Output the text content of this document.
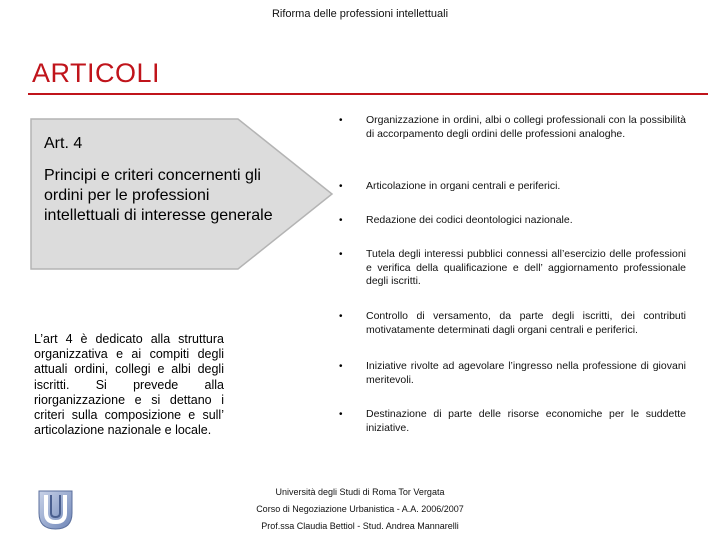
Riforma delle professioni intellettuali
ARTICOLI
Art. 4
Principi e criteri concernenti gli ordini per le professioni intellettuali di interesse generale
L’art 4 è dedicato alla struttura organizzativa e ai compiti degli attuali ordini, collegi e albi degli iscritti. Si prevede alla riorganizzazione e si dettano i criteri sulla composizione e sull’ articolazione nazionale e locale.
• Organizzazione in ordini, albi o collegi professionali con la possibilità di accorpamento degli ordini delle professioni analoghe.
• Articolazione in organi centrali e periferici.
• Redazione dei codici deontologici nazionale.
• Tutela degli interessi pubblici connessi all’esercizio delle professioni e verifica della qualificazione e dell’ aggiornamento professionale degli iscritti.
• Controllo di versamento, da parte degli iscritti, dei contributi motivatamente determinati dagli organi centrali e periferici.
• Iniziative rivolte ad agevolare l’ingresso nella professione di giovani meritevoli.
• Destinazione di parte delle risorse economiche per le suddette iniziative.
Università degli Studi di Roma Tor Vergata
Corso di Negoziazione Urbanistica - A.A. 2006/2007
Prof.ssa Claudia Bettiol - Stud. Andrea Mannarelli
